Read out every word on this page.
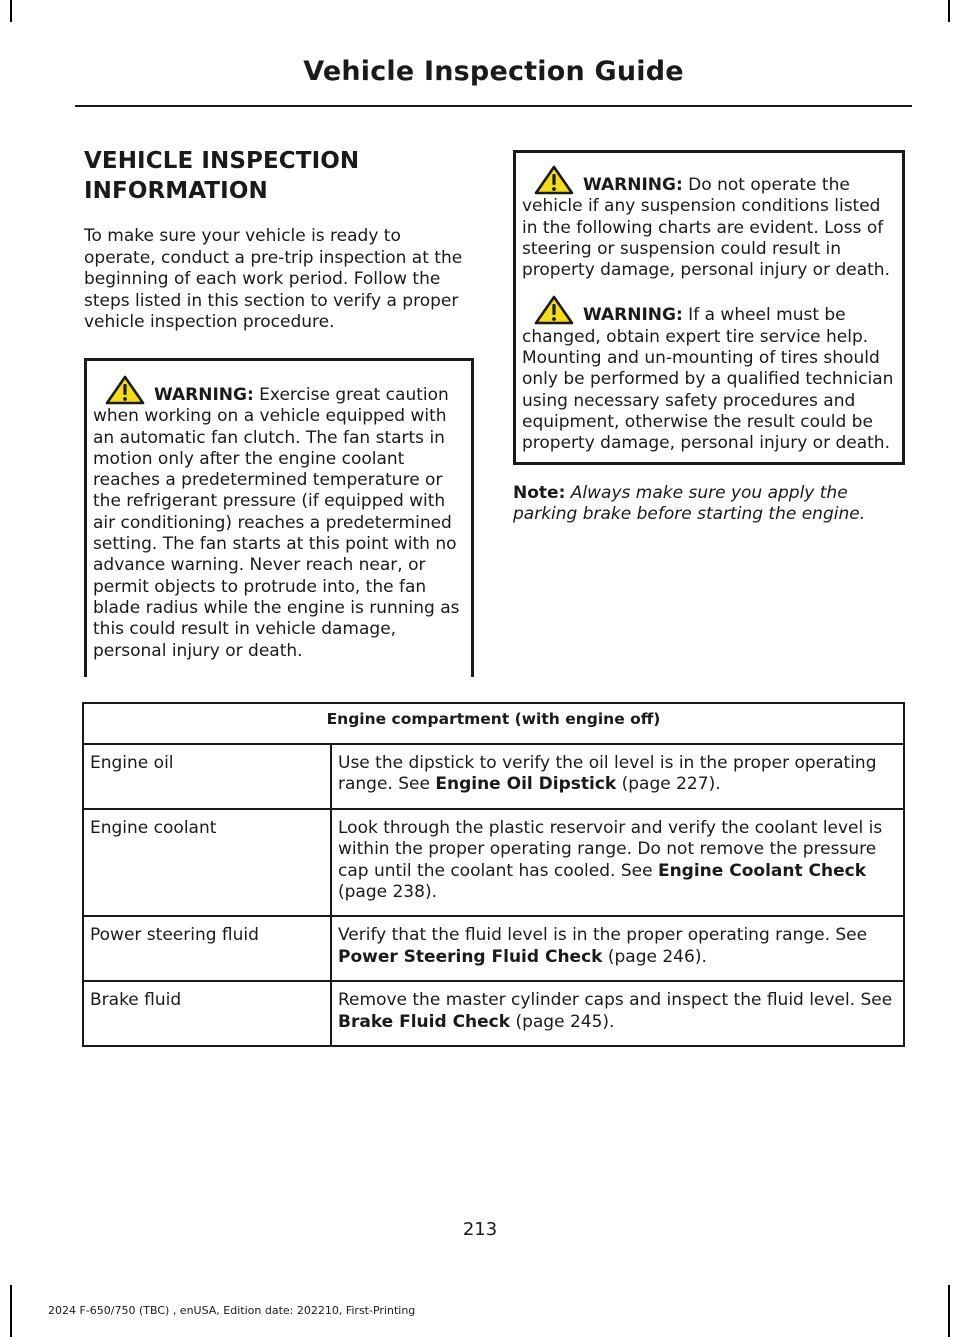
Vehicle Inspection Guide
VEHICLE INSPECTION
INFORMATION

To make sure your vehicle is ready to operate, conduct a pre-trip inspection at the beginning of each work period. Follow the steps listed in this section to verify a proper vehicle inspection procedure.

WARNING: Exercise great caution when working on a vehicle equipped with an automatic fan clutch. The fan starts in motion only after the engine coolant reaches a predetermined temperature or the refrigerant pressure (if equipped with air conditioning) reaches a predetermined setting. The fan starts at this point with no advance warning. Never reach near, or permit objects to protrude into, the fan blade radius while the engine is running as this could result in vehicle damage, personal injury or death.

WARNING: Do not operate the vehicle if any suspension conditions listed in the following charts are evident. Loss of steering or suspension could result in property damage, personal injury or death.

WARNING: If a wheel must be changed, obtain expert tire service help. Mounting and un-mounting of tires should only be performed by a qualified technician using necessary safety procedures and equipment, otherwise the result could be property damage, personal injury or death.

Note: Always make sure you apply the parking brake before starting the engine.

Engine compartment (with engine off)	
Engine oil	Use the dipstick to verify the oil level is in the proper operating range. See Engine Oil Dipstick (page 227).
Engine coolant	Look through the plastic reservoir and verify the coolant level is within the proper operating range. Do not remove the pressure cap until the coolant has cooled. See Engine Coolant Check (page 238).
Power steering fluid	Verify that the fluid level is in the proper operating range. See Power Steering Fluid Check (page 246).
Brake fluid	Remove the master cylinder caps and inspect the fluid level. See Brake Fluid Check (page 245).
213
2024 F-650/750 (TBC) , enUSA, Edition date: 202210, First-Printing
